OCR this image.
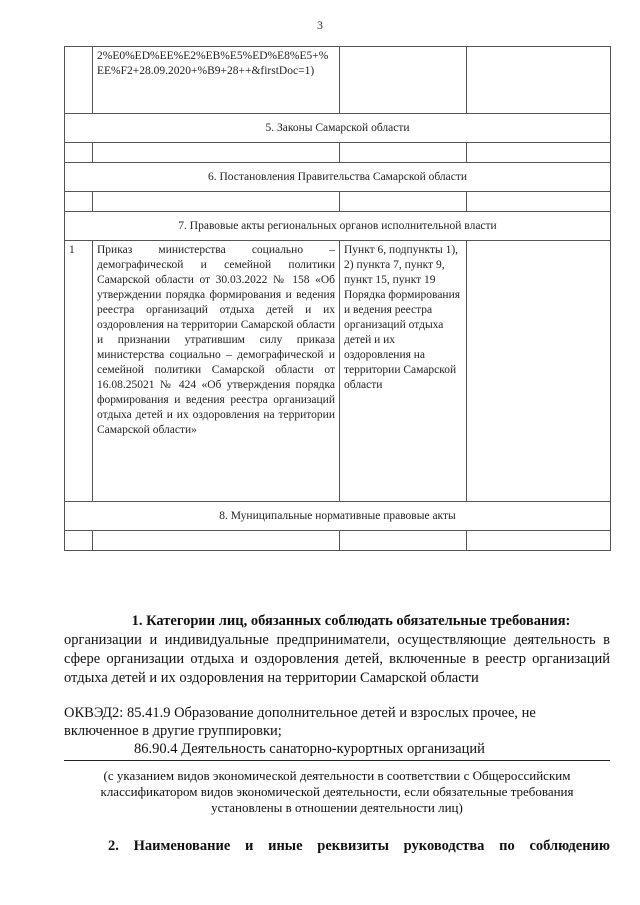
3
	2%E0%ED%EE%E2%EB%E5%ED%E8%E5+%EE%F2+28.09.2020+%B9+28++&firstDoc=1)		
5. Законы Самарской области			

6. Постановления Правительства Самарской области			

7. Правовые акты региональных органов исполнительной власти			
1	Приказ министерства социально – демографической и семейной политики Самарской области от 30.03.2022 № 158 «Об утверждении порядка формирования и ведения реестра организаций отдыха детей и их оздоровления на территории Самарской области и признании утратившим силу приказа министерства социально – демографической и семейной политики Самарской области от 16.08.25021 № 424 «Об утверждения порядка формирования и ведения реестра организаций отдыха детей и их оздоровления на территории Самарской области»	Пункт 6, подпункты 1), 2) пункта 7, пункт 9, пункт 15, пункт 19 Порядка формирования и ведения реестра организаций отдыха детей и их оздоровления на территории Самарской области	
8. Муниципальные нормативные правовые акты			

1. Категории лиц, обязанных соблюдать обязательные требования:
организации и индивидуальные предприниматели, осуществляющие деятельность в сфере организации отдыха и оздоровления детей, включенные в реестр организаций отдыха детей и их оздоровления на территории Самарской области
ОКВЭД2: 85.41.9 Образование дополнительное детей и взрослых прочее, не включенное в другие группировки;
86.90.4 Деятельность санаторно-курортных организаций
(с указанием видов экономической деятельности в соответствии с Общероссийским классификатором видов экономической деятельности, если обязательные требования установлены в отношении деятельности лиц)
2. Наименование и иные реквизиты руководства по соблюдению
